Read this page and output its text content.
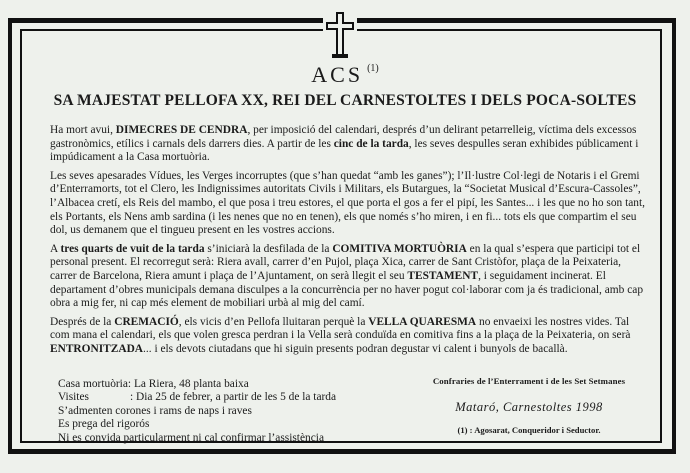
ACS $^{(1)}$
SA MAJESTAT PELLOFA XX, REI DEL CARNESTOLTES I DELS POCA-SOLTES

Ha mort avui, DIMECRES DE CENDRA, per imposició del calendari, després d’un delirant petarrelleig, víctima dels excessos gastronòmics, etílics i carnals dels darrers dies. A partir de les cinc de la tarda, les seves despulles seran exhibides públicament i impúdicament a la Casa mortuòria.

Les seves apesarades Vídues, les Verges incorruptes (que s’han quedat “amb les ganes”); l’Il·lustre Col·legi de Notaris i el Gremi d’Enterramorts, tot el Clero, les Indignissimes autoritats Civils i Militars, els Butargues, la “Societat Musical d’Escura-Cassoles”, l’Albacea cretí, els Reis del mambo, el que posa i treu estores, el que porta el gos a fer el pipí, les Santes... i les que no ho son tant, els Portants, els Nens amb sardina (i les nenes que no en tenen), els que només s’ho miren, i en fi... tots els que compartim el seu dol, us demanem que el tingueu present en les vostres accions.

A tres quarts de vuit de la tarda s’iniciarà la desfilada de la COMITIVA MORTUÒRIA en la qual s’espera que participi tot el personal present. El recorregut serà: Riera avall, carrer d’en Pujol, plaça Xica, carrer de Sant Cristòfor, plaça de la Peixateria, carrer de Barcelona, Riera amunt i plaça de l’Ajuntament, on serà llegit el seu TESTAMENT, i seguidament incinerat. El departament d’obres municipals demana disculpes a la concurrència per no haver pogut col·laborar com ja és tradicional, amb cap obra a mig fer, ni cap més element de mobiliari urbà al mig del camí.

Després de la CREMACIÓ, els vicis d’en Pellofa lluitaran perquè la VELLA QUARESMA no envaeixi les nostres vides. Tal com mana el calendari, els que volen gresca perdran i la Vella serà conduïda en comitiva fins a la plaça de la Peixateria, on serà ENTRONITZADA... i els devots ciutadans que hi siguin presents podran degustar vi calent i bunyols de bacallà.

Casa mortuòria: La Riera, 48 planta baixa
Visites	: Dia 25 de febrer, a partir de les 5 de la tarda
S’admenten corones i rams de naps i raves
Es prega del rigorós
Ni es convida particularment ni cal confirmar l’assistència
Confraries de l’Enterrament i de les Set Setmanes
Mataró, Carnestoltes 1998
(1) : Agosarat, Conqueridor i Seductor.
